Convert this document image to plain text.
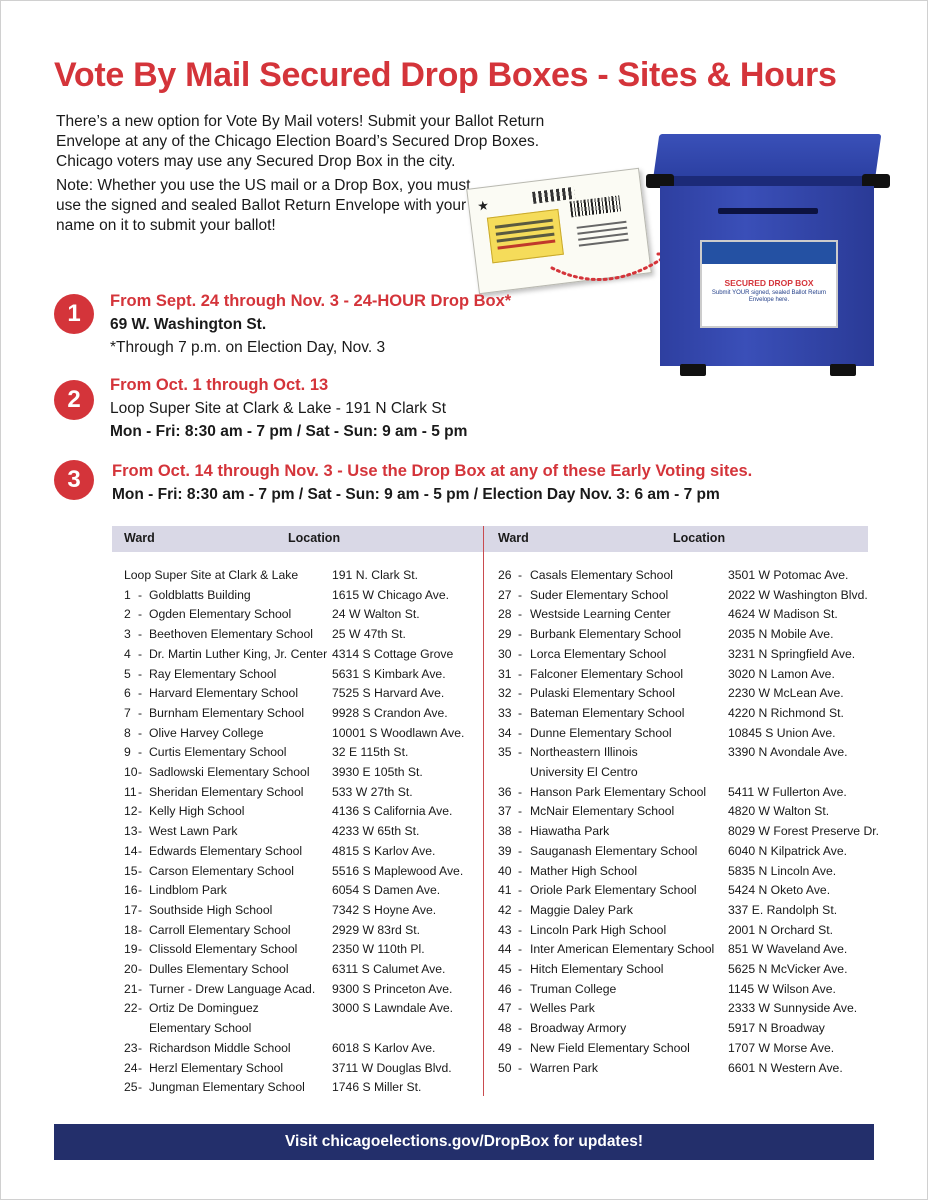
Vote By Mail Secured Drop Boxes - Sites & Hours
There’s a new option for Vote By Mail voters! Submit your Ballot Return Envelope at any of the Chicago Election Board’s Secured Drop Boxes. Chicago voters may use any Secured Drop Box in the city.
Note: Whether you use the US mail or a Drop Box, you must use the signed and sealed Ballot Return Envelope with your name on it to submit your ballot!
★
SECURED DROP BOX
Submit YOUR signed, sealed Ballot Return Envelope here.
1	From Sept. 24 through Nov. 3 - 24-HOUR Drop Box*
69 W. Washington St.
*Through 7 p.m. on Election Day, Nov. 3
2
From Oct. 1 through Oct. 13
Loop Super Site at Clark & Lake - 191 N Clark St
Mon - Fri: 8:30 am - 7 pm / Sat - Sun: 9 am - 5 pm
3	From Oct. 14 through Nov. 3 - Use the Drop Box at any of these Early Voting sites.
Mon - Fri: 8:30 am - 7 pm / Sat - Sun: 9 am - 5 pm / Election Day Nov. 3: 6 am - 7 pm
Ward	Location	Ward	Location
Loop Super Site at Clark & Lake	191 N. Clark St.
1 - Goldblatts Building	1615 W Chicago Ave.
2 - Ogden Elementary School	24 W Walton St.
3 - Beethoven Elementary School 25 W 47th St.
4 - Dr. Martin Luther King, Jr. Center 4314 S Cottage Grove
5 - Ray Elementary School	5631 S Kimbark Ave.
6 - Harvard Elementary School	7525 S Harvard Ave.
7 - Burnham Elementary School 9928 S Crandon Ave.
8 - Olive Harvey College	10001 S Woodlawn Ave.
9 - Curtis Elementary School	32 E 115th St.
10 - Sadlowski Elementary School 3930 E 105th St.
11 - Sheridan Elementary School 533 W 27th St.
12 - Kelly High School	4136 S California Ave.
13 - West Lawn Park	4233 W 65th St.
14 - Edwards Elementary School 4815 S Karlov Ave.
15 - Carson Elementary School	5516 S Maplewood Ave.
16 - Lindblom Park	6054 S Damen Ave.
17 - Southside High School	7342 S Hoyne Ave.
18 - Carroll Elementary School	2929 W 83rd St.
19 - Clissold Elementary School	2350 W 110th Pl.
20 - Dulles Elementary School	6311 S Calumet Ave.
21 - Turner - Drew Language Acad. 9300 S Princeton Ave.
22 - Ortiz De Dominguez	3000 S Lawndale Ave.
Elementary School
23 - Richardson Middle School	6018 S Karlov Ave.
24 - Herzl Elementary School	3711 W Douglas Blvd.
25 - Jungman Elementary School 1746 S Miller St.
26 - Casals Elementary School	3501 W Potomac Ave.
27 - Suder Elementary School	2022 W Washington Blvd.
28 - Westside Learning Center	4624 W Madison St.
29 - Burbank Elementary School	2035 N Mobile Ave.
30 - Lorca Elementary School	3231 N Springfield Ave.
31 - Falconer Elementary School	3020 N Lamon Ave.
32 - Pulaski Elementary School	2230 W McLean Ave.
33 - Bateman Elementary School	4220 N Richmond St.
34 - Dunne Elementary School	10845 S Union Ave.
35 - Northeastern Illinois	3390 N Avondale Ave.
University El Centro
36 - Hanson Park Elementary School 5411 W Fullerton Ave.
37 - McNair Elementary School	4820 W Walton St.
38 - Hiawatha Park	8029 W Forest Preserve Dr.
39 - Sauganash Elementary School	6040 N Kilpatrick Ave.
40 - Mather High School	5835 N Lincoln Ave.
41 - Oriole Park Elementary School	5424 N Oketo Ave.
42 - Maggie Daley Park	337 E. Randolph St.
43 - Lincoln Park High School	2001 N Orchard St.
44 - Inter American Elementary School 851 W Waveland Ave.
45 - Hitch Elementary School	5625 N McVicker Ave.
46 - Truman College	1145 W Wilson Ave.
47 - Welles Park	2333 W Sunnyside Ave.
48 - Broadway Armory	5917 N Broadway
49 - New Field Elementary School	1707 W Morse Ave.
50 - Warren Park	6601 N Western Ave.
Visit chicagoelections.gov/DropBox for updates!
